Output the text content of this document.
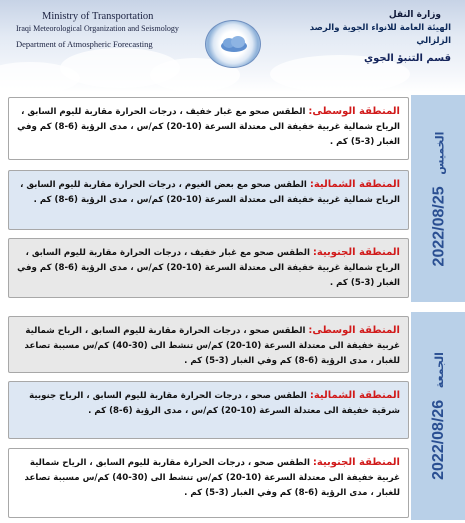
Ministry of Transportation
Iraqi Meteorological Organization and Seismology
Department of Atmospheric Forecasting
وزارة النقل
الهيئة العامة للانواء الجوية والرصد الزلزالي
قسم التنبؤ الجوي
الخميس 2022/08/25
المنطقة الوسطى: الطقس صحو مع غبار خفيف ، درجات الحرارة مقاربة لليوم السابق ، الرياح شمالية غربية خفيفة الى معتدلة السرعة (10-20) كم/س ، مدى الرؤية (6-8) كم وفي الغبار (3-5) كم .
المنطقة الشمالية: الطقس صحو مع بعض الغيوم ، درجات الحرارة مقاربة لليوم السابق ، الرياح شمالية غربية خفيفة الى معتدلة السرعة (10-20) كم/س ، مدى الرؤية (6-8) كم .
المنطقة الجنوبية: الطقس صحو مع غبار خفيف ، درجات الحرارة مقاربة لليوم السابق ، الرياح شمالية غربية خفيفة الى معتدلة السرعة (10-20) كم/س ، مدى الرؤية (6-8) كم وفي الغبار (3-5) كم .
الجمعة 2022/08/26
المنطقة الوسطى: الطقس صحو ، درجات الحرارة مقاربة لليوم السابق ، الرياح شمالية غربية خفيفة الى معتدلة السرعة (10-20) كم/س تنشط الى (30-40) كم/س مسببة تصاعد للغبار ، مدى الرؤية (6-8) كم وفي الغبار (3-5) كم .
المنطقة الشمالية: الطقس صحو ، درجات الحرارة مقاربة لليوم السابق ، الرياح جنوبية شرقية خفيفة الى معتدلة السرعة (10-20) كم/س ، مدى الرؤية (6-8) كم .
المنطقة الجنوبية: الطقس صحو ، درجات الحرارة مقاربة لليوم السابق ، الرياح شمالية غربية خفيفة الى معتدلة السرعة (10-20) كم/س تنشط الى (30-40) كم/س مسببة تصاعد للغبار ، مدى الرؤية (6-8) كم وفي الغبار (3-5) كم .
